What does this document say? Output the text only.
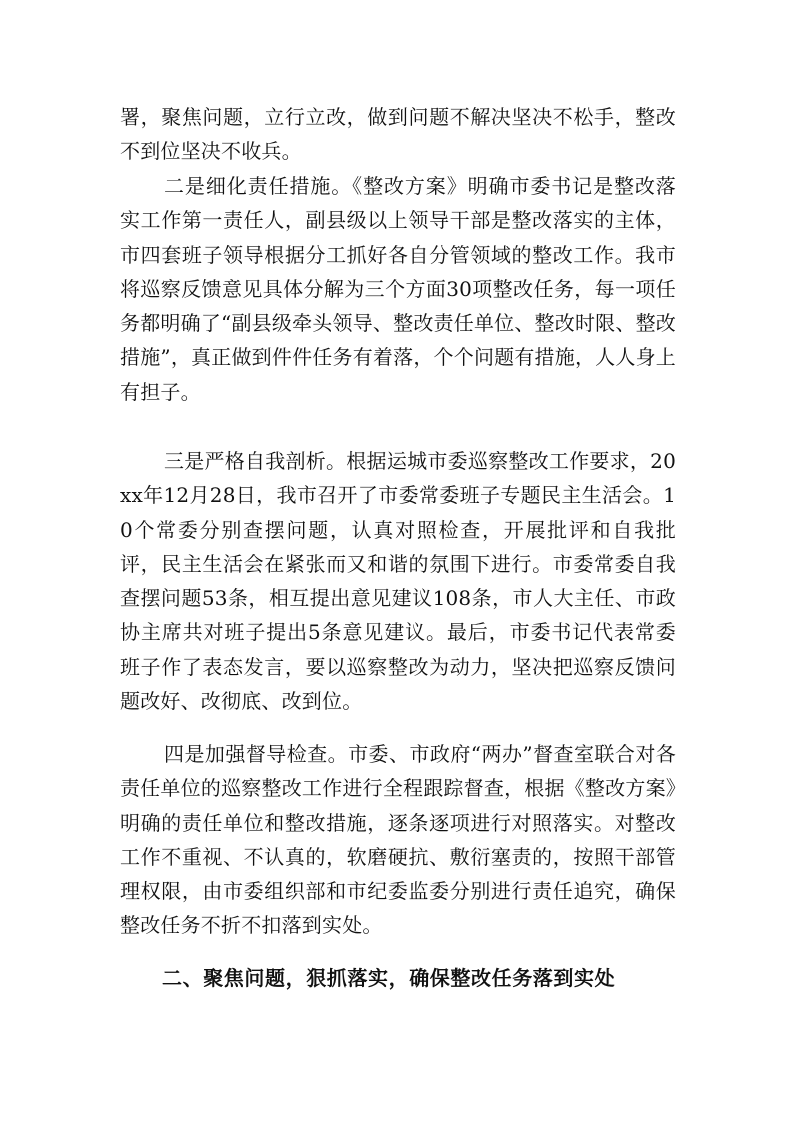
署，聚焦问题，立行立改，做到问题不解决坚决不松手，整改不到位坚决不收兵。

二是细化责任措施。《整改方案》明确市委书记是整改落实工作第一责任人，副县级以上领导干部是整改落实的主体，市四套班子领导根据分工抓好各自分管领域的整改工作。我市将巡察反馈意见具体分解为三个方面30项整改任务，每一项任务都明确了“副县级牵头领导、整改责任单位、整改时限、整改措施”，真正做到件件任务有着落，个个问题有措施，人人身上有担子。

三是严格自我剖析。根据运城市委巡察整改工作要求，20xx年12月28日，我市召开了市委常委班子专题民主生活会。10个常委分别查摆问题，认真对照检查，开展批评和自我批评，民主生活会在紧张而又和谐的氛围下进行。市委常委自我查摆问题53条，相互提出意见建议108条，市人大主任、市政协主席共对班子提出5条意见建议。最后，市委书记代表常委班子作了表态发言，要以巡察整改为动力，坚决把巡察反馈问题改好、改彻底、改到位。

四是加强督导检查。市委、市政府“两办”督查室联合对各责任单位的巡察整改工作进行全程跟踪督查，根据《整改方案》明确的责任单位和整改措施，逐条逐项进行对照落实。对整改工作不重视、不认真的，软磨硬抗、敷衍塞责的，按照干部管理权限，由市委组织部和市纪委监委分别进行责任追究，确保整改任务不折不扣落到实处。

二、聚焦问题，狠抓落实，确保整改任务落到实处
